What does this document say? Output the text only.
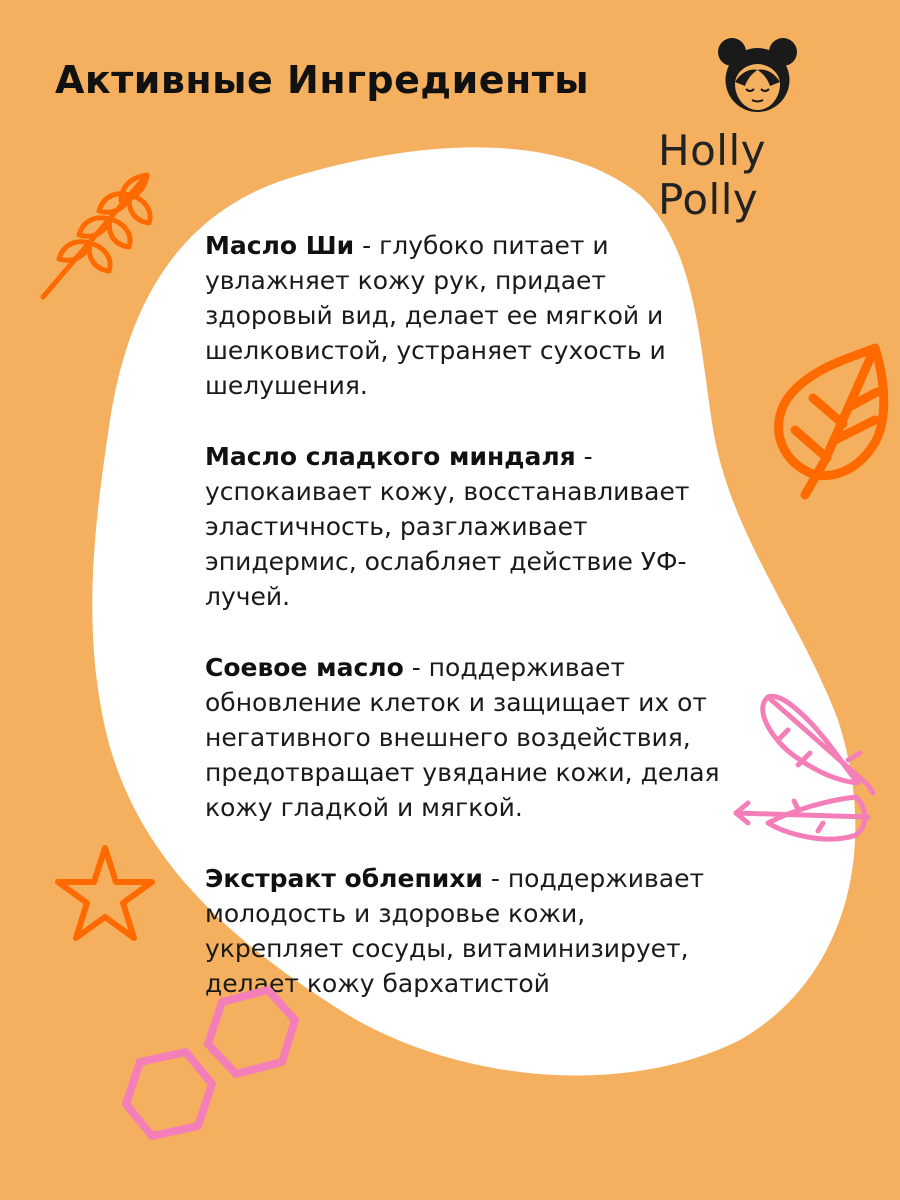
Активные Ингредиенты
Holly Polly

Масло Ши - глубоко питает и увлажняет кожу рук, придает здоровый вид, делает ее мягкой и шелковистой, устраняет сухость и шелушения.

Масло сладкого миндаля - успокаивает кожу, восстанавливает эластичность, разглаживает эпидермис, ослабляет действие УФ-лучей.

Соевое масло - поддерживает обновление клеток и защищает их от негативного внешнего воздействия, предотвращает увядание кожи, делая кожу гладкой и мягкой.

Экстракт облепихи - поддерживает молодость и здоровье кожи, укрепляет сосуды, витаминизирует, делает кожу бархатистой
